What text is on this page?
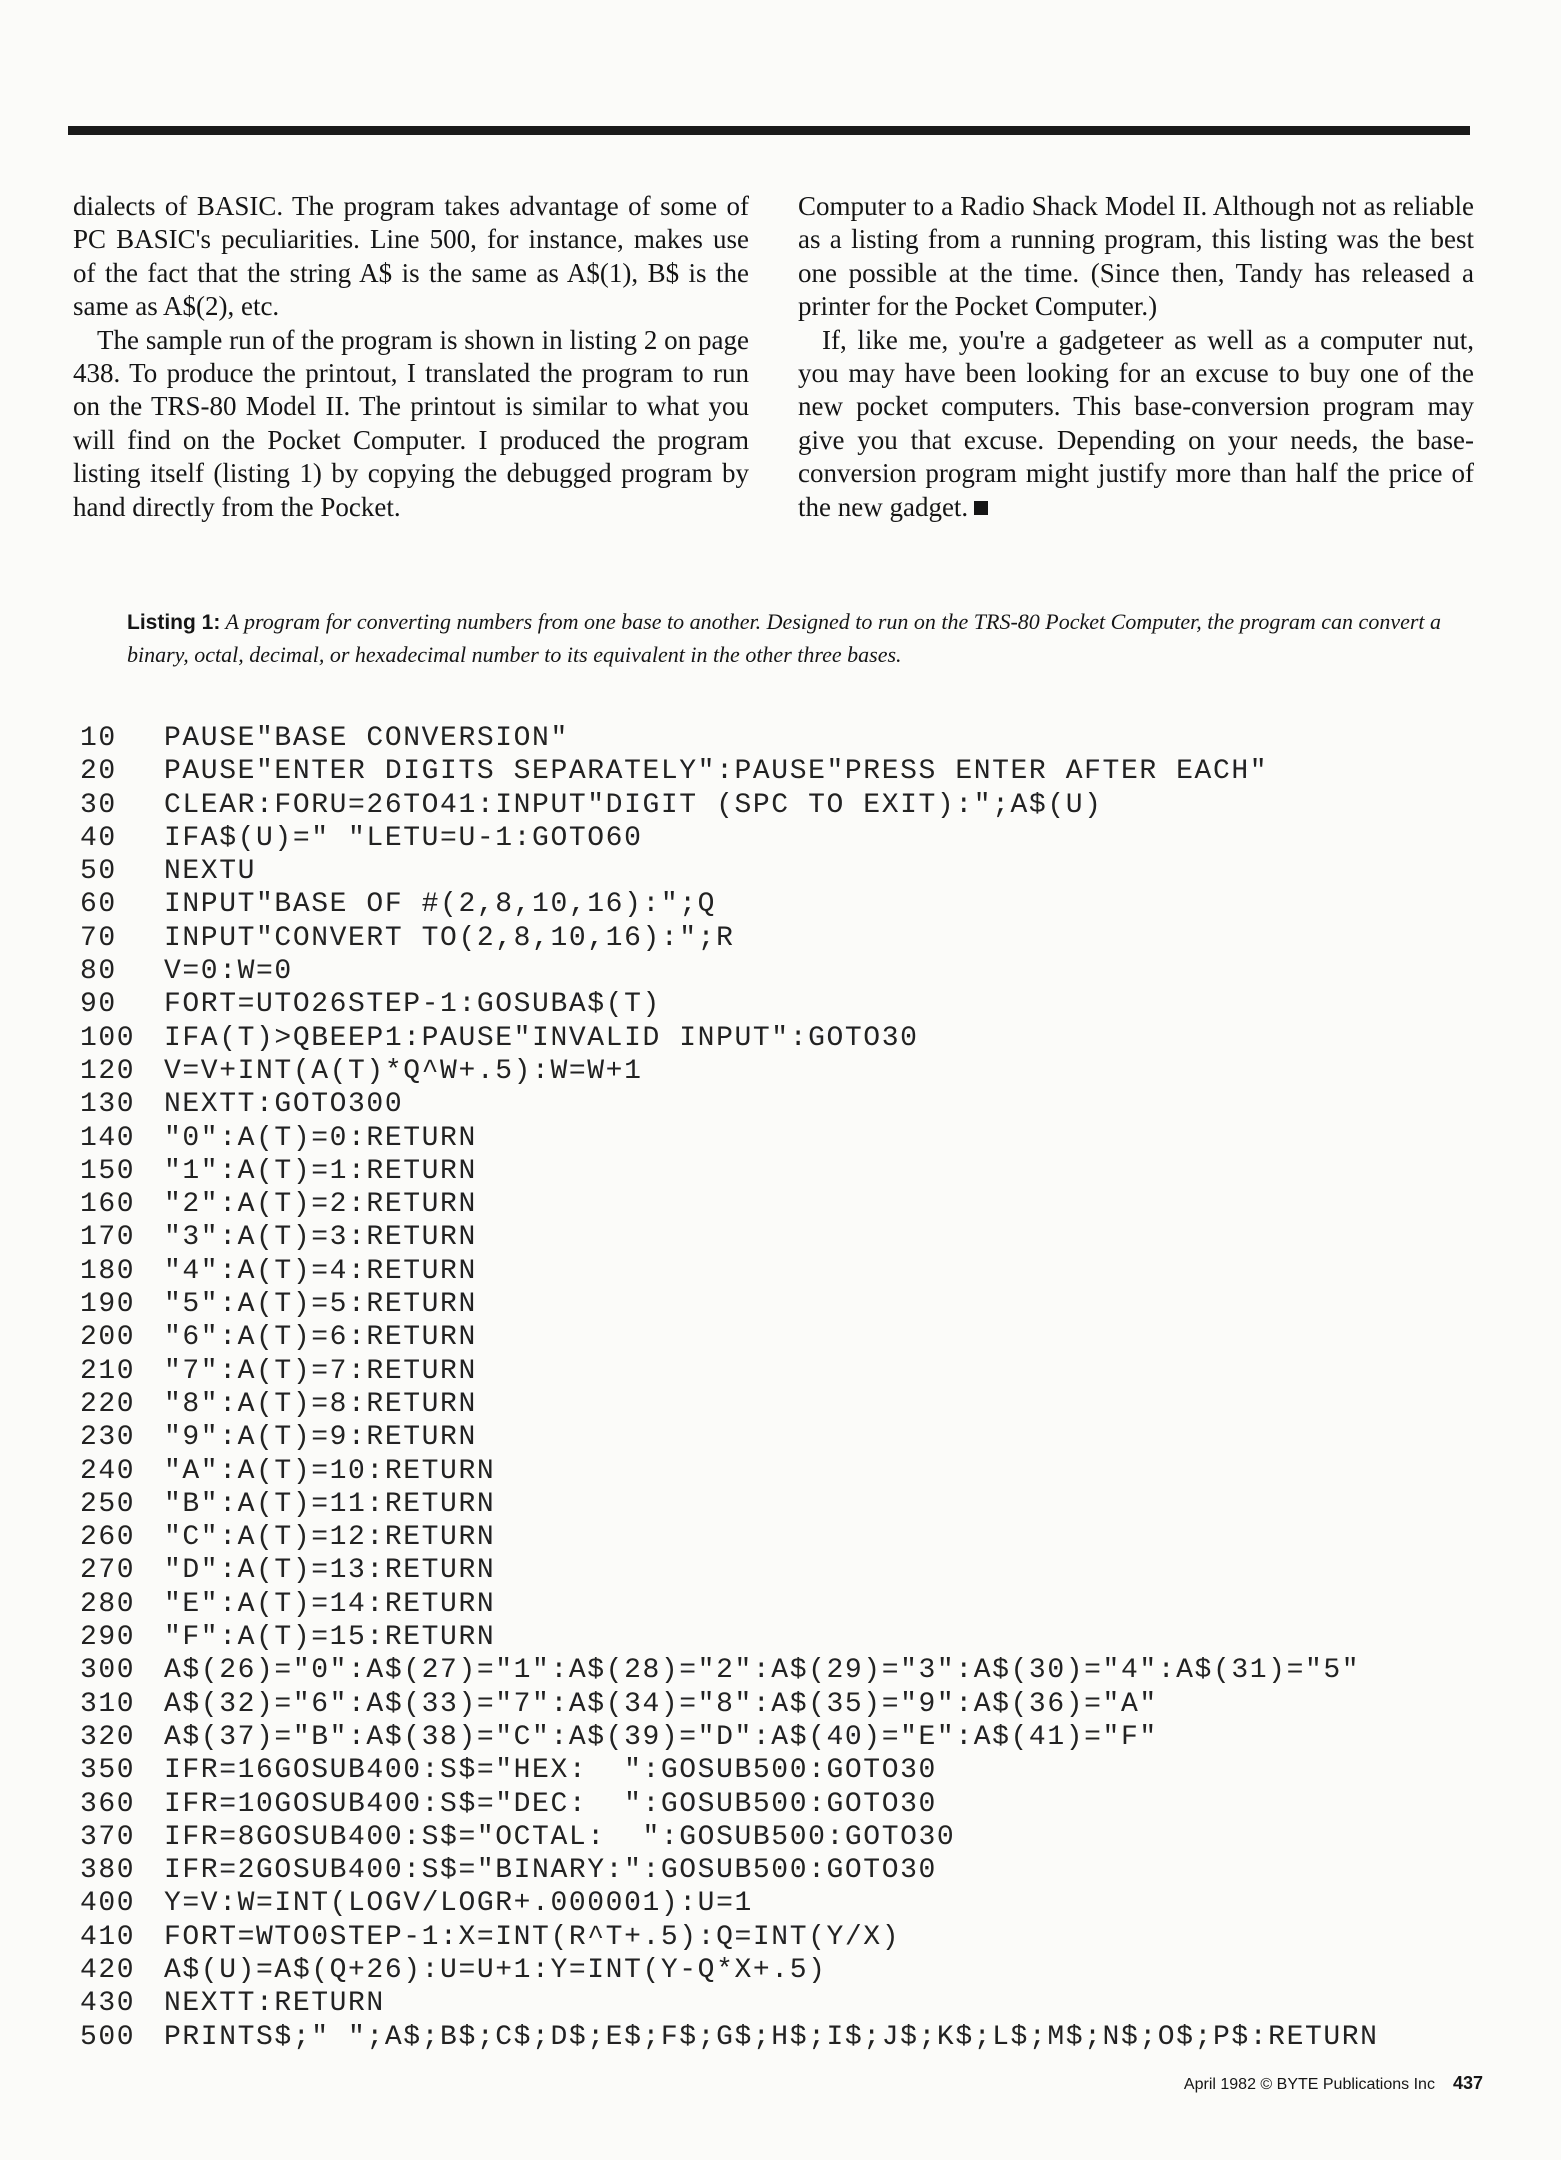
dialects of BASIC. The program takes advantage of some of PC BASIC's peculiarities. Line 500, for instance, makes use of the fact that the string A$ is the same as A$(1), B$ is the same as A$(2), etc.

The sample run of the program is shown in listing 2 on page 438. To produce the printout, I translated the program to run on the TRS-80 Model II. The printout is similar to what you will find on the Pocket Computer. I produced the program listing itself (listing 1) by copying the debugged program by hand directly from the Pocket.

Computer to a Radio Shack Model II. Although not as reliable as a listing from a running program, this listing was the best one possible at the time. (Since then, Tandy has released a printer for the Pocket Computer.)

If, like me, you're a gadgeteer as well as a computer nut, you may have been looking for an excuse to buy one of the new pocket computers. This base-conversion program may give you that excuse. Depending on your needs, the base-conversion program might justify more than half the price of the new gadget.

Listing 1: A program for converting numbers from one base to another. Designed to run on the TRS-80 Pocket Computer, the program can convert a binary, octal, decimal, or hexadecimal number to its equivalent in the other three bases.
10	PAUSE"BASE CONVERSION"
20	PAUSE"ENTER DIGITS SEPARATELY":PAUSE"PRESS ENTER AFTER EACH"
30	CLEAR:FORU=26TO41:INPUT"DIGIT (SPC TO EXIT):";A$(U)
40	IFA$(U)=" "LETU=U-1:GOTO60
50	NEXTU
60	INPUT"BASE OF #(2,8,10,16):";Q
70	INPUT"CONVERT TO(2,8,10,16):";R
80	V=0:W=0
90	FORT=UTO26STEP-1:GOSUBA$(T)
100	IFA(T)>QBEEP1:PAUSE"INVALID INPUT":GOTO30
120	V=V+INT(A(T)*Q^W+.5):W=W+1
130	NEXTT:GOTO300
140	"0":A(T)=0:RETURN
150	"1":A(T)=1:RETURN
160	"2":A(T)=2:RETURN
170	"3":A(T)=3:RETURN
180	"4":A(T)=4:RETURN
190	"5":A(T)=5:RETURN
200	"6":A(T)=6:RETURN
210	"7":A(T)=7:RETURN
220	"8":A(T)=8:RETURN
230	"9":A(T)=9:RETURN
240	"A":A(T)=10:RETURN
250	"B":A(T)=11:RETURN
260	"C":A(T)=12:RETURN
270	"D":A(T)=13:RETURN
280	"E":A(T)=14:RETURN
290	"F":A(T)=15:RETURN
300	A$(26)="0":A$(27)="1":A$(28)="2":A$(29)="3":A$(30)="4":A$(31)="5"
310	A$(32)="6":A$(33)="7":A$(34)="8":A$(35)="9":A$(36)="A"
320	A$(37)="B":A$(38)="C":A$(39)="D":A$(40)="E":A$(41)="F"
350	IFR=16GOSUB400:S$="HEX:  ":GOSUB500:GOTO30
360	IFR=10GOSUB400:S$="DEC:  ":GOSUB500:GOTO30
370	IFR=8GOSUB400:S$="OCTAL:  ":GOSUB500:GOTO30
380	IFR=2GOSUB400:S$="BINARY:":GOSUB500:GOTO30
400	Y=V:W=INT(LOGV/LOGR+.000001):U=1
410	FORT=WTO0STEP-1:X=INT(R^T+.5):Q=INT(Y/X)
420	A$(U)=A$(Q+26):U=U+1:Y=INT(Y-Q*X+.5)
430	NEXTT:RETURN
500	PRINTS$;" ";A$;B$;C$;D$;E$;F$;G$;H$;I$;J$;K$;L$;M$;N$;O$;P$:RETURN
April 1982 © BYTE Publications Inc 437
